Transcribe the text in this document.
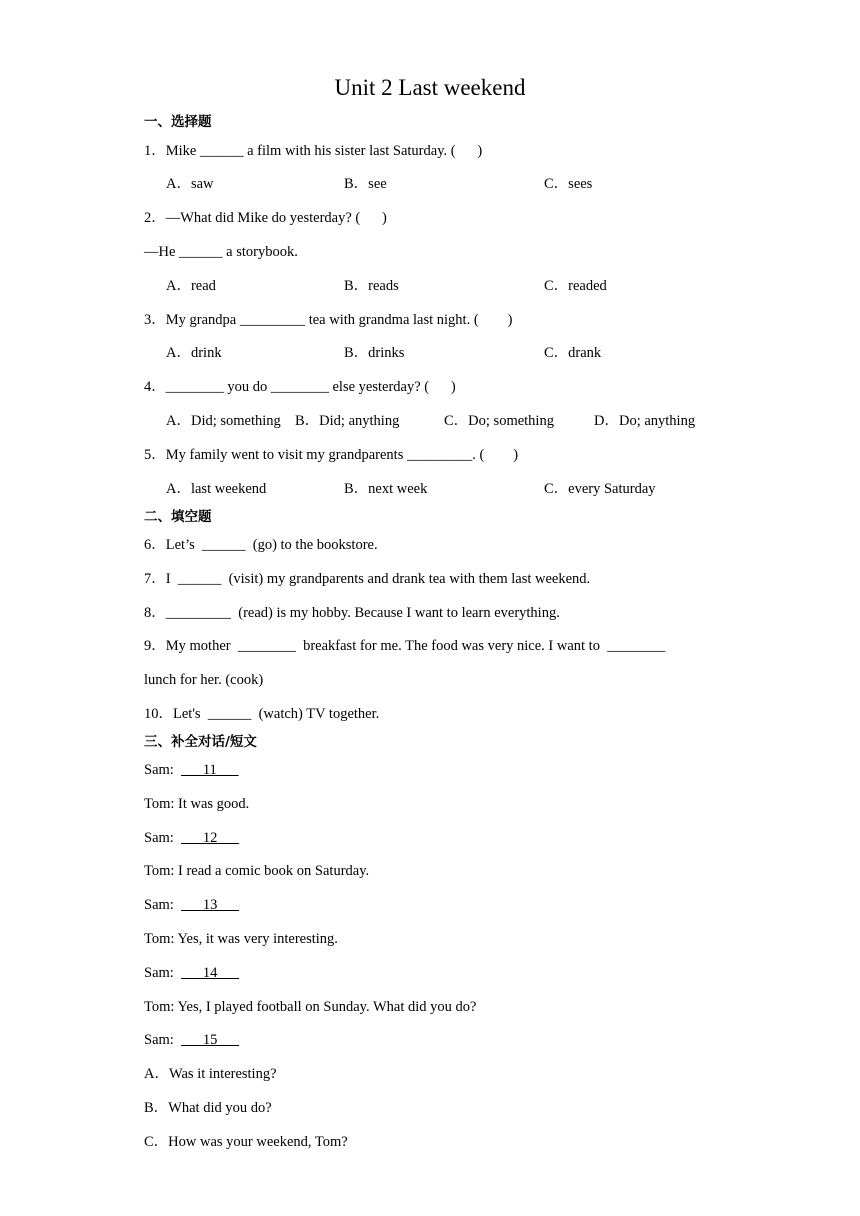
Unit 2 Last weekend
一、选择题
1．Mike ______ a film with his sister last Saturday. (      )
A．saw	B．see	C．sees
2．—What did Mike do yesterday? (      )
—He ______ a storybook.
A．read	B．reads	C．readed
3．My grandpa _________ tea with grandma last night. (        )
A．drink	B．drinks	C．drank
4．________ you do ________ else yesterday? (      )
A．Did; something B．Did; anything	C．Do; something	D．Do; anything
5．My family went to visit my grandparents _________. (        )
A．last weekend	B．next week	C．every Saturday
二、填空题
6．Let’s  ______  (go) to the bookstore.
7．I  ______  (visit) my grandparents and drank tea with them last weekend.
8．_________  (read) is my hobby. Because I want to learn everything.
9．My mother  ________  breakfast for me. The food was very nice. I want to  ________
lunch for her. (cook)
10．Let's  ______  (watch) TV together.
三、补全对话/短文
Sam:        11
Tom: It was good.
Sam:        12
Tom: I read a comic book on Saturday.
Sam:        13
Tom: Yes, it was very interesting.
Sam:        14
Tom: Yes, I played football on Sunday. What did you do?
Sam:        15
A．Was it interesting?
B．What did you do?
C．How was your weekend, Tom?
